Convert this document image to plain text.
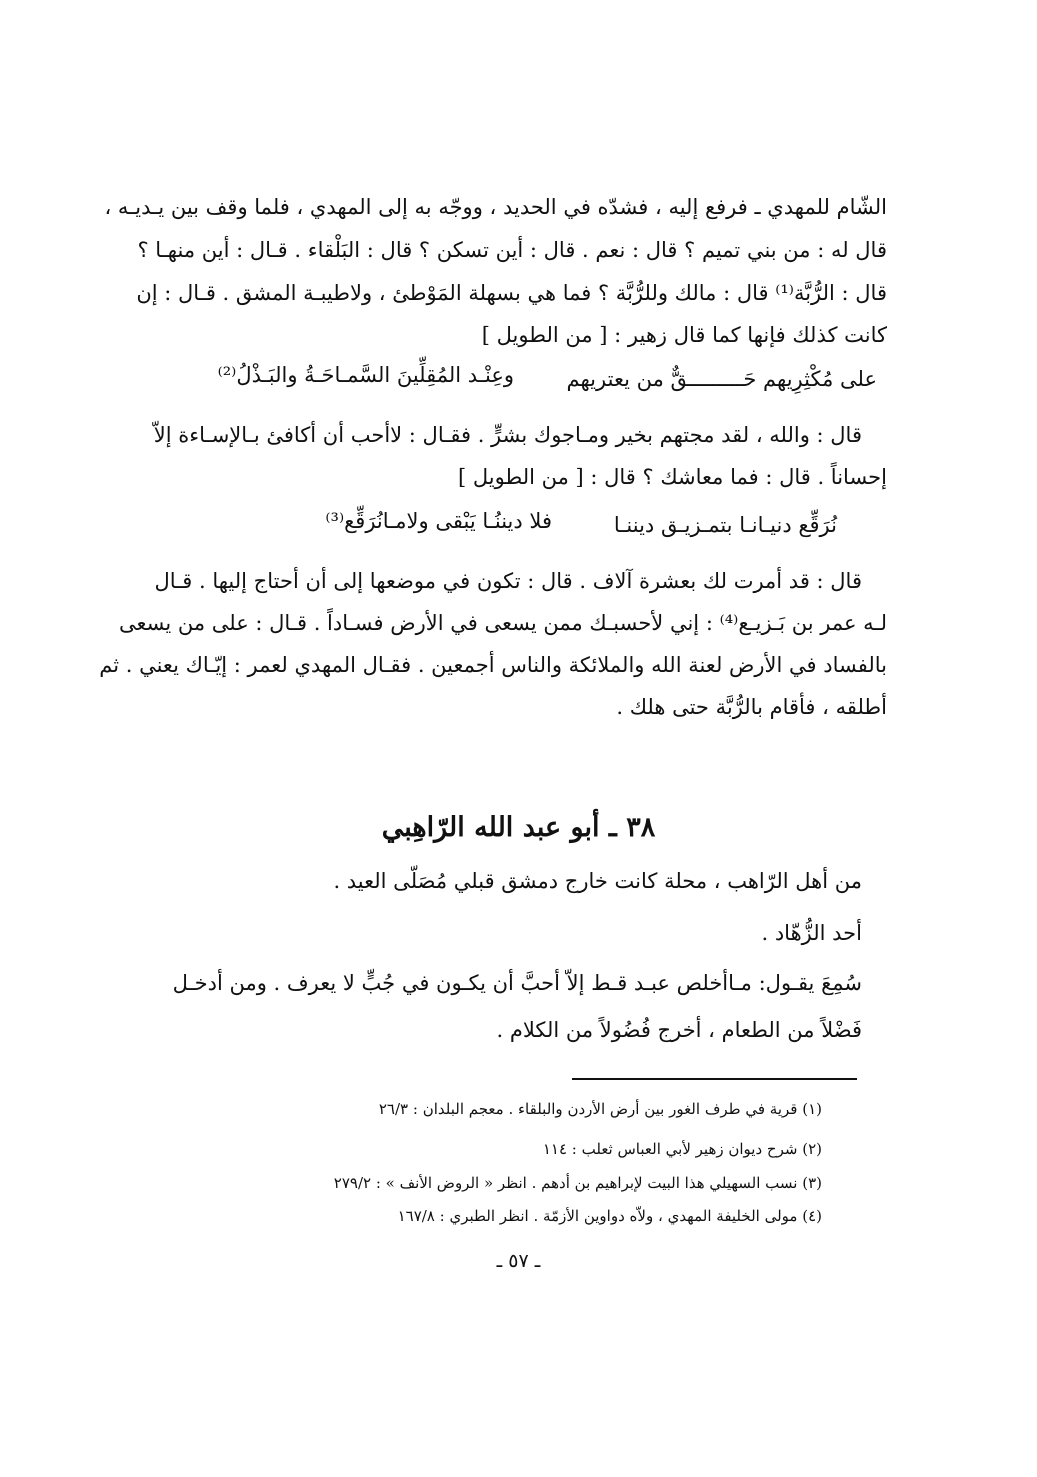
الشّام للمهدي ـ فرفع إليه ، فشدّه في الحديد ، ووجّه به إلى المهدي ، فلما وقف بين يـديـه ،
قال له : من بني تميم ؟ قال : نعم . قال : أين تسكن ؟ قال : البَلْقاء . قـال : أين منهـا ؟
قال : الرُّبَّة⁽¹⁾ قال : مالك وللرُّبَّة ؟ فما هي بسهلة المَوْطئ ، ولاطيبـة المشق . قـال : إن
كانت كذلك فإنها كما قال زهير : [ من الطويل ]
على مُكْثِرِيهم حَـــــــــقٌّ من يعتريهم
وعِنْـد المُقِلِّينَ السَّمـاحَـةُ والبَـذْلُ⁽²⁾
قال : والله ، لقد مجتهم بخير ومـاجوك بشرٍّ . فقـال : لاأحب أن أكافئ بـالإسـاءة إلاّ
إحساناً . قال : فما معاشك ؟ قال : [ من الطويل ]
نُرَقِّع دنيـانـا بتمـزيـق ديننـا
فلا ديننُـا يَبْقى ولامـانُرَقِّع⁽³⁾
قال : قد أمرت لك بعشرة آلاف . قال : تكون في موضعها إلى أن أحتاج إليها . قـال
لـه عمر بن بَـزيـع⁽⁴⁾ : إني لأحسبـك ممن يسعى في الأرض فسـاداً . قـال : على من يسعى
بالفساد في الأرض لعنة الله والملائكة والناس أجمعين . فقـال المهدي لعمر : إيّـاك يعني . ثم
أطلقه ، فأقام بالرُّبَّة حتى هلك .
٣٨ ـ أبو عبد الله الرّاهِبي
من أهل الرّاهب ، محلة كانت خارج دمشق قبلي مُصَلّى العيد .
أحد الزُّهّاد .
سُمِعَ يقـول: مـاأخلص عبـد قـط إلاّ أحبَّ أن يكـون في جُبٍّ لا يعرف . ومن أدخـل
فَضْلاً من الطعام ، أخرج فُضُولاً من الكلام .
(١) قرية في طرف الغور بين أرض الأردن والبلقاء . معجم البلدان : ٢٦/٣
(٢) شرح ديوان زهير لأبي العباس ثعلب : ١١٤
(٣) نسب السهيلي هذا البيت لإبراهيم بن أدهم . انظر « الروض الأنف » : ٢٧٩/٢
(٤) مولى الخليفة المهدي ، ولاّه دواوين الأزمّة . انظر الطبري : ١٦٧/٨
ـ ٥٧ ـ
